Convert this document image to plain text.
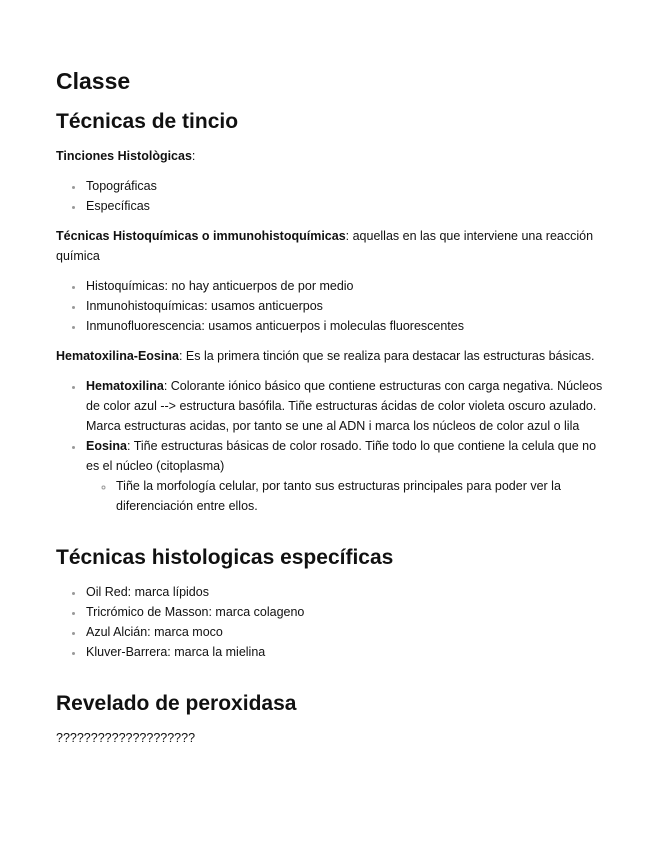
Classe
Técnicas de tincio

Tinciones Histològicas:

• Topográficas
• Específicas

Técnicas Histoquímicas o immunohistoquímicas: aquellas en las que interviene una reacción química

• Histoquímicas: no hay anticuerpos de por medio
• Inmunohistoquímicas: usamos anticuerpos
• Inmunofluorescencia: usamos anticuerpos i moleculas fluorescentes

Hematoxilina-Eosina: Es la primera tinción que se realiza para destacar las estructuras básicas.

• Hematoxilina: Colorante iónico básico que contiene estructuras con carga negativa. Núcleos de color azul --> estructura basófila. Tiñe estructuras ácidas de color violeta oscuro azulado. Marca estructuras acidas, por tanto se une al ADN i marca los núcleos de color azul o lila
• Eosina: Tiñe estructuras básicas de color rosado. Tiñe todo lo que contiene la celula que no es el núcleo (citoplasma)
◦ Tiñe la morfología celular, por tanto sus estructuras principales para poder ver la diferenciación entre ellos.
Técnicas histologicas específicas
• Oil Red: marca lípidos
• Tricrómico de Masson: marca colageno
• Azul Alcián: marca moco
• Kluver-Barrera: marca la mielina
Revelado de peroxidasa

????????????????????
